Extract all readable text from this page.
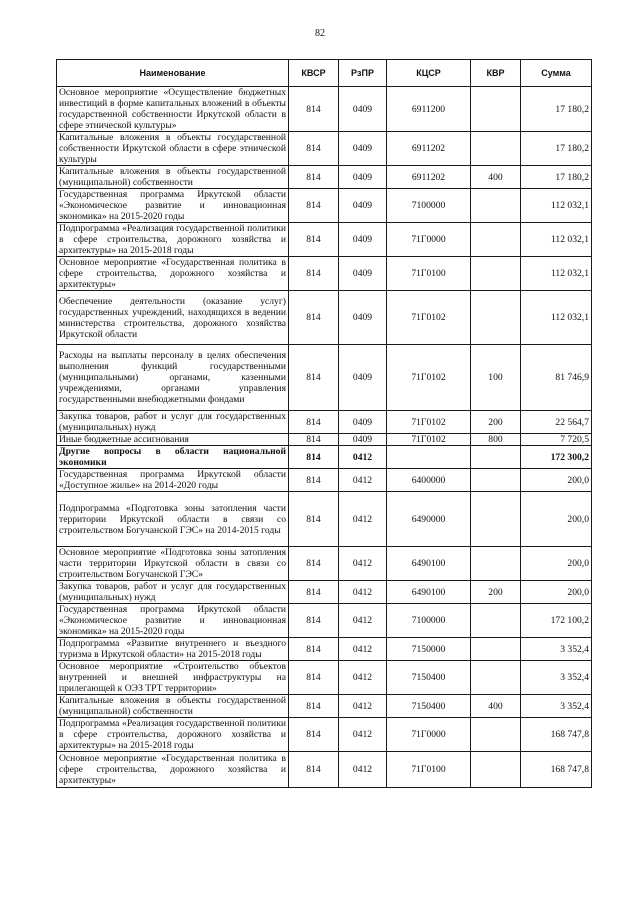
82
Наименование	КВСР	РзПР	КЦСР	КВР	Сумма
Основное мероприятие «Осуществление бюджетных инвестиций в форме капитальных вложений в объекты государственной собственности Иркутской области в сфере этнической культуры»	814	0409	6911200		17 180,2
Капитальные вложения в объекты государственной собственности Иркутской области в сфере этнической культуры	814	0409	6911202		17 180,2
Капитальные вложения в объекты государственной (муниципальной) собственности	814	0409	6911202	400	17 180,2
Государственная программа Иркутской области «Экономическое развитие и инновационная экономика» на 2015-2020 годы	814	0409	7100000		112 032,1
Подпрограмма «Реализация государственной политики в сфере строительства, дорожного хозяйства и архитектуры» на 2015-2018 годы	814	0409	71Г0000		112 032,1
Основное мероприятие «Государственная политика в сфере строительства, дорожного хозяйства и архитектуры»	814	0409	71Г0100		112 032,1
Обеспечение деятельности (оказание услуг) государственных учреждений, находящихся в ведении министерства строительства, дорожного хозяйства Иркутской области	814	0409	71Г0102		112 032,1
Расходы на выплаты персоналу в целях обеспечения выполнения функций государственными (муниципальными) органами, казенными учреждениями, органами управления государственными внебюджетными фондами	814	0409	71Г0102	100	81 746,9
Закупка товаров, работ и услуг для государственных (муниципальных) нужд	814	0409	71Г0102	200	22 564,7
Иные бюджетные ассигнования	814	0409	71Г0102	800	7 720,5
Другие вопросы в области национальной экономики	814	0412			172 300,2
Государственная программа Иркутской области «Доступное жилье» на 2014-2020 годы	814	0412	6400000		200,0
Подпрограмма «Подготовка зоны затопления части территории Иркутской области в связи со строительством Богучанской ГЭС» на 2014-2015 годы	814	0412	6490000		200,0
Основное мероприятие «Подготовка зоны затопления части территории Иркутской области в связи со строительством Богучанской ГЭС»	814	0412	6490100		200,0
Закупка товаров, работ и услуг для государственных (муниципальных) нужд	814	0412	6490100	200	200,0
Государственная программа Иркутской области «Экономическое развитие и инновационная экономика» на 2015-2020 годы	814	0412	7100000		172 100,2
Подпрограмма «Развитие внутреннего и въездного туризма в Иркутской области» на 2015-2018 годы	814	0412	7150000		3 352,4
Основное мероприятие «Строительство объектов внутренней и внешней инфраструктуры на прилегающей к ОЭЗ ТРТ территории»	814	0412	7150400		3 352,4
Капитальные вложения в объекты государственной (муниципальной) собственности	814	0412	7150400	400	3 352,4
Подпрограмма «Реализация государственной политики в сфере строительства, дорожного хозяйства и архитектуры» на 2015-2018 годы	814	0412	71Г0000		168 747,8
Основное мероприятие «Государственная политика в сфере строительства, дорожного хозяйства и архитектуры»	814	0412	71Г0100		168 747,8
